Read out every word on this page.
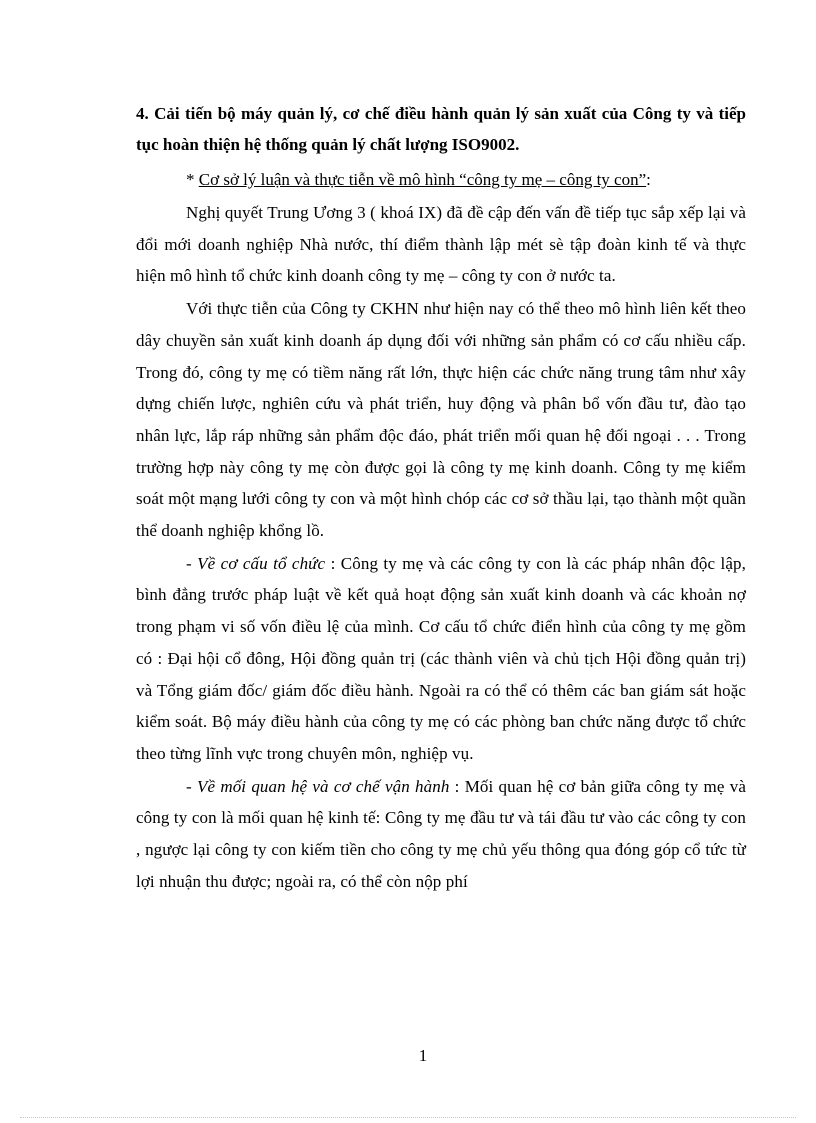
4. Cải tiến bộ máy quản lý, cơ chế điều hành quản lý sản xuất của Công ty và tiếp tục hoàn thiện hệ thống quản lý chất lượng ISO9002.
* Cơ sở lý luận và thực tiễn về mô hình “công ty mẹ – công ty con”:

Nghị quyết Trung Ương 3 ( khoá IX) đã đề cập đến vấn đề tiếp tục sắp xếp lại và đổi mới doanh nghiệp Nhà nước, thí điểm thành lập mét sè tập đoàn kinh tế và thực hiện mô hình tổ chức kinh doanh công ty mẹ – công ty con ở nước ta.

Với thực tiễn của Công ty CKHN như hiện nay có thể theo mô hình liên kết theo dây chuyền sản xuất kinh doanh áp dụng đối với những sản phẩm có cơ cấu nhiều cấp. Trong đó, công ty mẹ có tiềm năng rất lớn, thực hiện các chức năng trung tâm như xây dựng chiến lược, nghiên cứu và phát triển, huy động và phân bổ vốn đầu tư, đào tạo nhân lực, lắp ráp những sản phẩm độc đáo, phát triển mối quan hệ đối ngoại . . . Trong trường hợp này công ty mẹ còn được gọi là công ty mẹ kinh doanh. Công ty mẹ kiểm soát một mạng lưới công ty con và một hình chóp các cơ sở thầu lại, tạo thành một quần thể doanh nghiệp khổng lồ.

- Về cơ cấu tổ chức : Công ty mẹ và các công ty con là các pháp nhân độc lập, bình đẳng trước pháp luật về kết quả hoạt động sản xuất kinh doanh và các khoản nợ trong phạm vi số vốn điều lệ của mình. Cơ cấu tổ chức điển hình của công ty mẹ gồm có : Đại hội cổ đông, Hội đồng quản trị (các thành viên và chủ tịch Hội đồng quản trị) và Tổng giám đốc/ giám đốc điều hành. Ngoài ra có thể có thêm các ban giám sát hoặc kiểm soát. Bộ máy điều hành của công ty mẹ có các phòng ban chức năng được tổ chức theo từng lĩnh vực trong chuyên môn, nghiệp vụ.

- Về mối quan hệ và cơ chế vận hành : Mối quan hệ cơ bản giữa công ty mẹ và công ty con là mối quan hệ kinh tế: Công ty mẹ đầu tư và tái đầu tư vào các công ty con , ngược lại công ty con kiếm tiền cho công ty mẹ chủ yếu thông qua đóng góp cổ tức từ lợi nhuận thu được; ngoài ra, có thể còn nộp phí

1
